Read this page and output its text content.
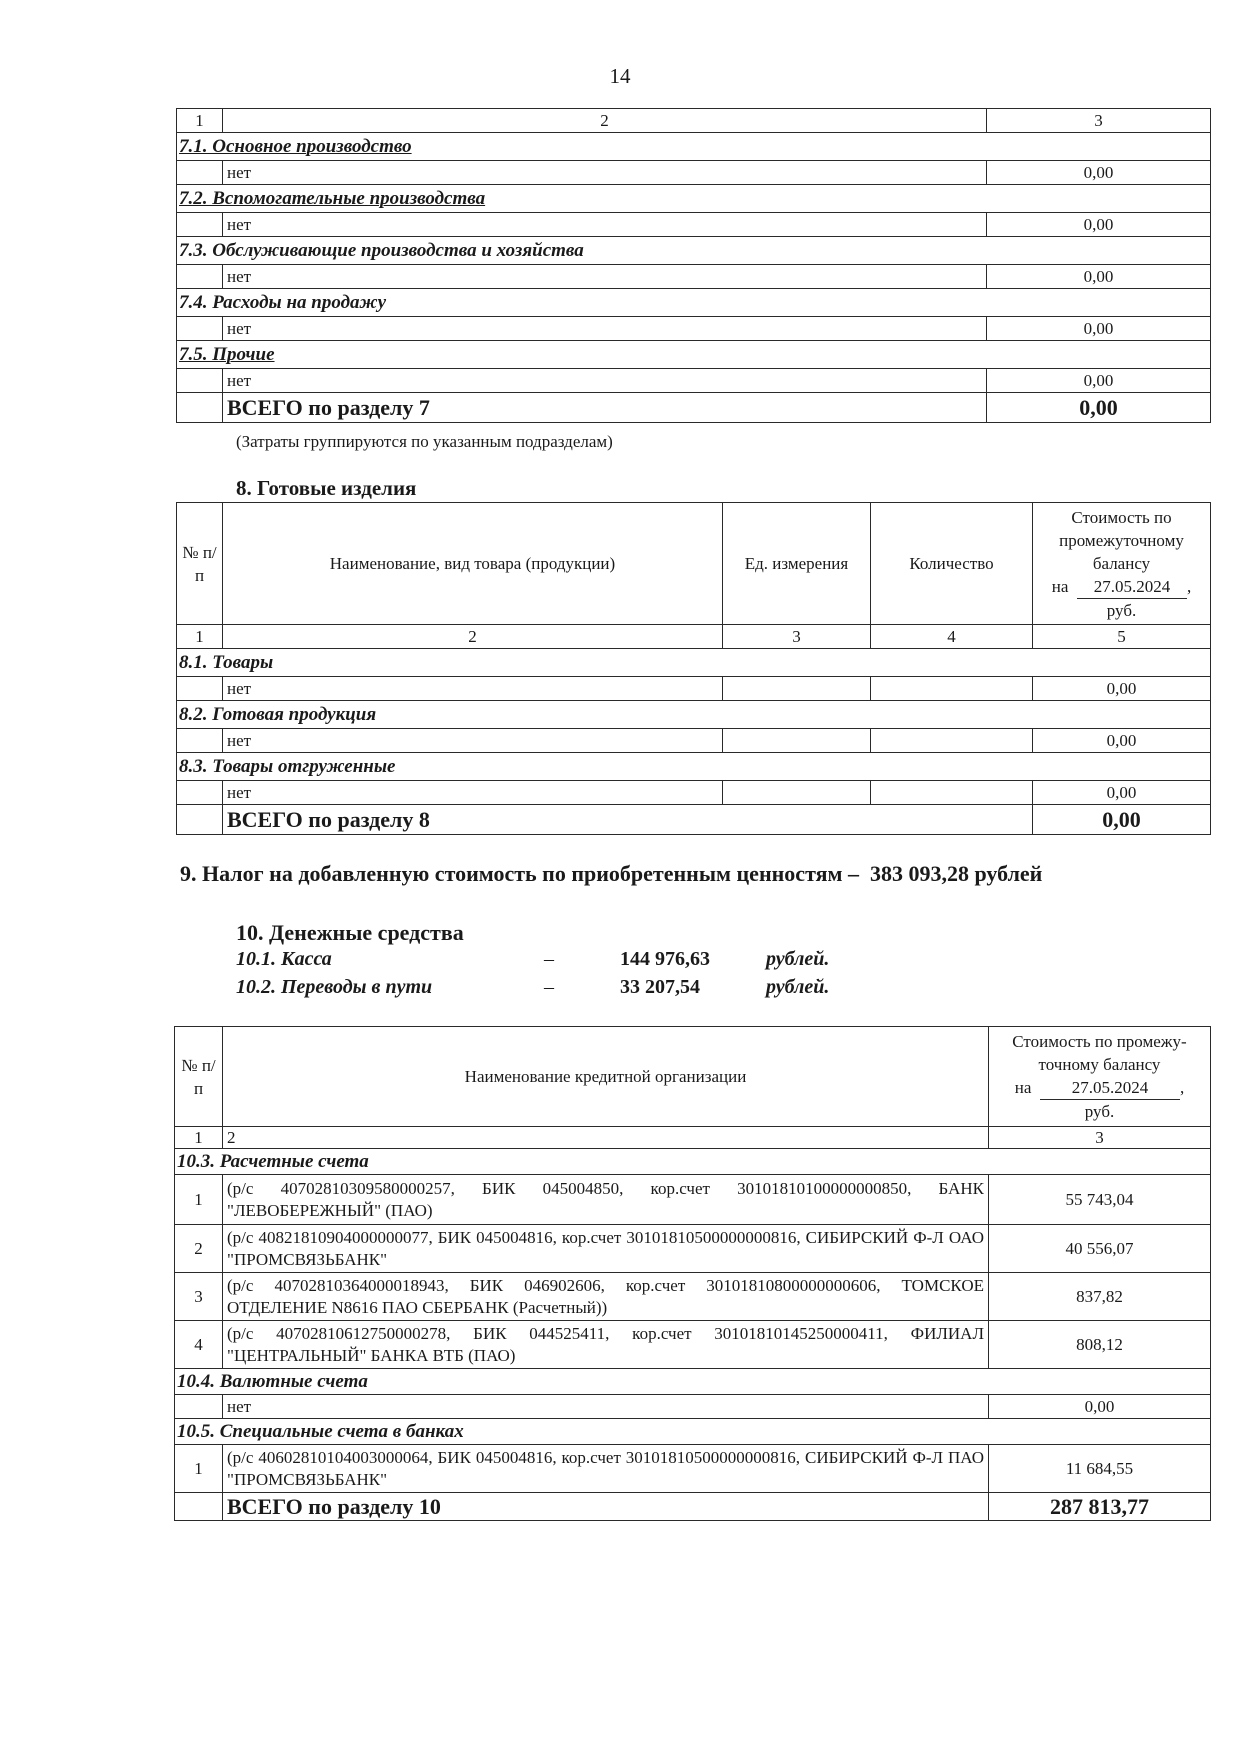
14
1	2	3
7.1. Основное производство		
	нет	0,00
7.2. Вспомогательные производства		
	нет	0,00
7.3. Обслуживающие производства и хозяйства		
	нет	0,00
7.4. Расходы на продажу		
	нет	0,00
7.5. Прочие		
	нет	0,00
	ВСЕГО по разделу 7	0,00
(Затраты группируются по указанным подразделам)
8. Готовые изделия
№ п/п	Наименование, вид товара (продукции)	Ед. измерения	Количество	Стоимость по промежуточному балансу
на 27.05.2024 ,
руб.

1	2	3	4	5
8.1. Товары				
	нет			0,00
8.2. Готовая продукция				
	нет			0,00
8.3. Товары отгруженные				
	нет			0,00
	ВСЕГО по разделу 8			0,00
9. Налог на добавленную стоимость по приобретенным ценностям –  383 093,28 рублей
10. Денежные средства
10.1. Касса	–	144 976,63	рублей.
10.2. Переводы в пути	–	33 207,54	рублей.
№ п/п	Наименование кредитной организации	Стоимость по промежу-
точному балансу
на 27.05.2024 ,
руб.

1	2	3
10.3. Расчетные счета		
1	(р/с 40702810309580000257, БИК 045004850, кор.счет 30101810100000000850, БАНК "ЛЕВОБЕРЕЖНЫЙ" (ПАО)	55 743,04
2	(р/с 40821810904000000077, БИК 045004816, кор.счет 30101810500000000816, СИБИРСКИЙ Ф-Л ОАО "ПРОМСВЯЗЬБАНК"	40 556,07
3	(р/с 40702810364000018943, БИК 046902606, кор.счет 30101810800000000606, ТОМСКОЕ ОТДЕЛЕНИЕ N8616 ПАО СБЕРБАНК (Расчетный))	837,82
4	(р/с 40702810612750000278, БИК 044525411, кор.счет 30101810145250000411, ФИЛИАЛ "ЦЕНТРАЛЬНЫЙ" БАНКА ВТБ (ПАО)	808,12
10.4. Валютные счета		
	нет	0,00
10.5. Специальные счета в банках		
1	(р/с 40602810104003000064, БИК 045004816, кор.счет 30101810500000000816, СИБИРСКИЙ Ф-Л ПАО "ПРОМСВЯЗЬБАНК"	11 684,55
	ВСЕГО по разделу 10	287 813,77
